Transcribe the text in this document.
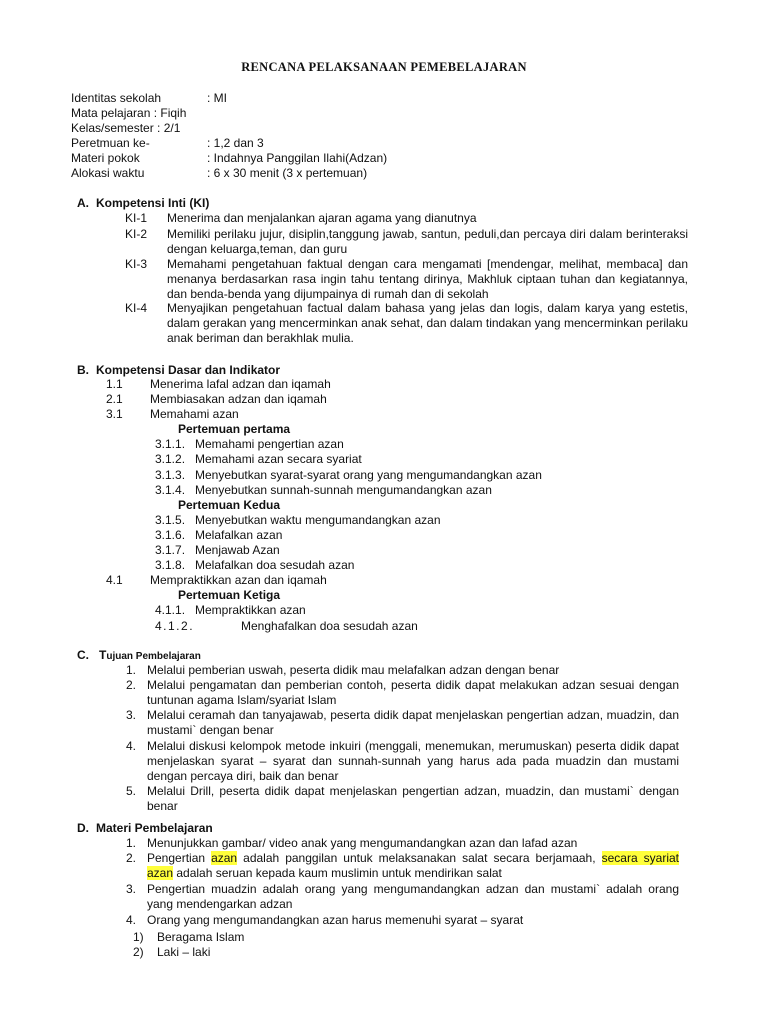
RENCANA PELAKSANAAN PEMEBELAJARAN
Identitas sekolah	: MI
Mata pelajaran : Fiqih
Kelas/semester : 2/1
Peretmuan ke-	: 1,2 dan 3
Materi pokok	: Indahnya Panggilan Ilahi(Adzan)
Alokasi waktu	: 6 x 30 menit (3 x pertemuan)
A. Kompetensi Inti (KI)
KI-1 Menerima dan menjalankan ajaran agama yang dianutnya
KI-2 Memiliki perilaku jujur, disiplin,tanggung jawab, santun, peduli,dan percaya diri dalam berinteraksi dengan keluarga,teman, dan guru
KI-3 Memahami pengetahuan faktual dengan cara mengamati [mendengar, melihat, membaca] dan menanya berdasarkan rasa ingin tahu tentang dirinya, Makhluk ciptaan tuhan dan kegiatannya, dan benda-benda yang dijumpainya di rumah dan di sekolah
KI-4 Menyajikan pengetahuan factual dalam bahasa yang jelas dan logis, dalam karya yang estetis, dalam gerakan yang mencerminkan anak sehat, dan dalam tindakan yang mencerminkan perilaku anak beriman dan berakhlak mulia.
B. Kompetensi Dasar dan Indikator
1.1 Menerima lafal adzan dan iqamah
2.1 Membiasakan adzan dan iqamah
3.1 Memahami azan
Pertemuan pertama
3.1.1. Memahami pengertian azan
3.1.2. Memahami azan secara syariat
3.1.3. Menyebutkan syarat-syarat orang yang mengumandangkan azan
3.1.4. Menyebutkan sunnah-sunnah mengumandangkan azan
Pertemuan Kedua
3.1.5. Menyebutkan waktu mengumandangkan azan
3.1.6. Melafalkan azan
3.1.7. Menjawab Azan
3.1.8. Melafalkan doa sesudah azan
4.1 Mempraktikkan azan dan iqamah
Pertemuan Ketiga
4.1.1. Mempraktikkan azan
4.1.2.	Menghafalkan doa sesudah azan
C. Tujuan Pembelajaran
1. Melalui pemberian uswah, peserta didik mau melafalkan adzan dengan benar
2. Melalui pengamatan dan pemberian contoh, peserta didik dapat melakukan adzan sesuai dengan tuntunan agama Islam/syariat Islam
3. Melalui ceramah dan tanyajawab, peserta didik dapat menjelaskan pengertian adzan, muadzin, dan mustami` dengan benar
4. Melalui diskusi kelompok metode inkuiri (menggali, menemukan, merumuskan) peserta didik dapat menjelaskan syarat – syarat dan sunnah-sunnah yang harus ada pada muadzin dan mustami dengan percaya diri, baik dan benar
5. Melalui Drill, peserta didik dapat menjelaskan pengertian adzan, muadzin, dan mustami` dengan benar
D. Materi Pembelajaran
1. Menunjukkan gambar/ video anak yang mengumandangkan azan dan lafad azan
2. Pengertian azan adalah panggilan untuk melaksanakan salat secara berjamaah, secara syariat azan adalah seruan kepada kaum muslimin untuk mendirikan salat
3. Pengertian muadzin adalah orang yang mengumandangkan adzan dan mustami` adalah orang yang mendengarkan adzan
4. Orang yang mengumandangkan azan harus memenuhi syarat – syarat
1) Beragama Islam
2) Laki – laki
